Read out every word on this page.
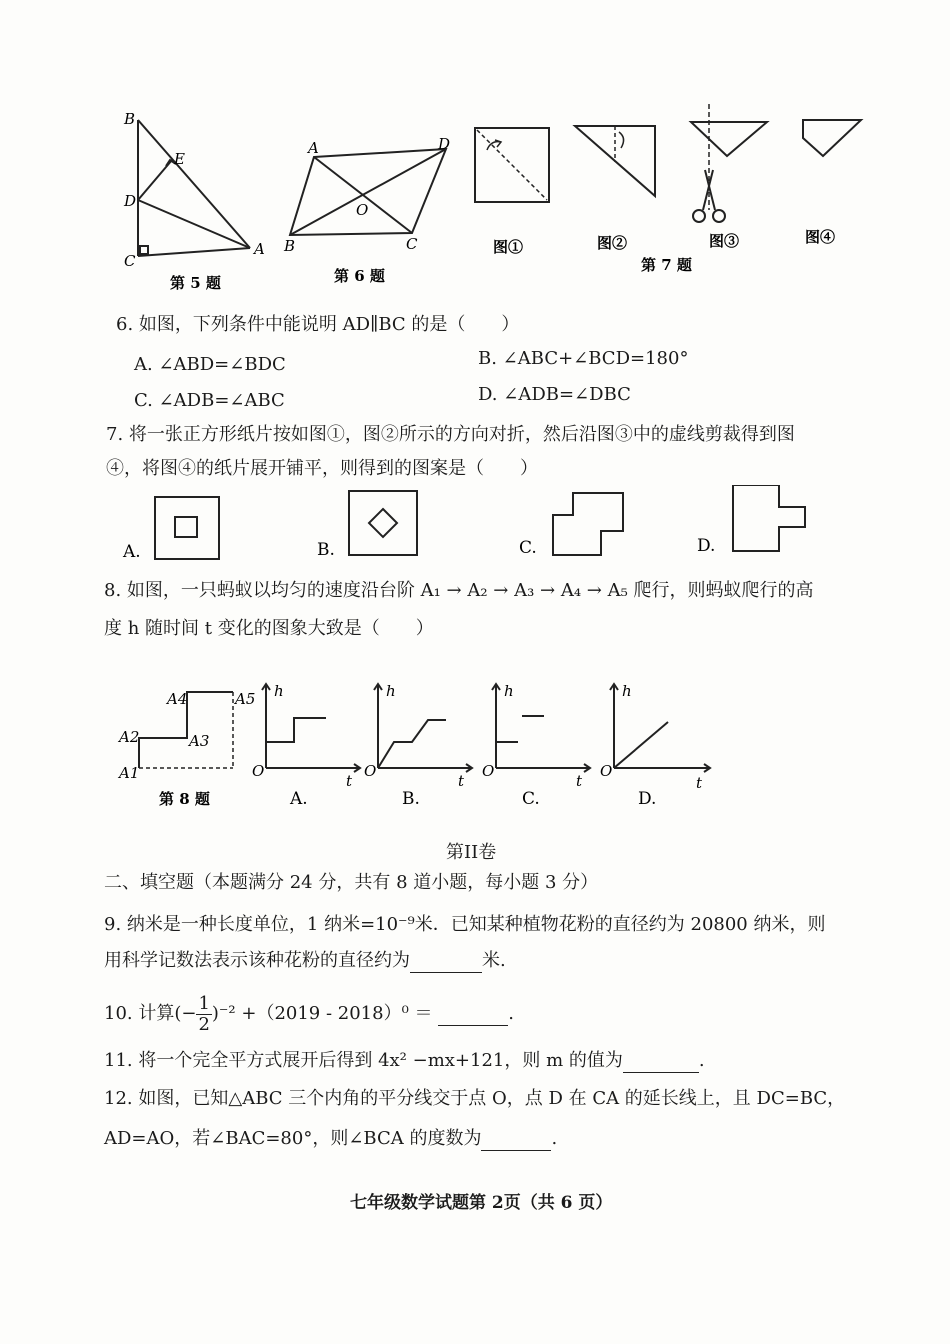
B
E
D
C
A
第 5 题
A	D
O
B	C
第 6 题
图①	图②	图③	图④
第 7 题
6. 如图，下列条件中能说明 AD∥BC 的是（　　）
A. ∠ABD=∠BDC	B. ∠ABC+∠BCD=180°
C. ∠ADB=∠ABC	D. ∠ADB=∠DBC
7. 将一张正方形纸片按如图①，图②所示的方向对折，然后沿图③中的虚线剪裁得到图
④，将图④的纸片展开铺平，则得到的图案是（　　）
A.	B.	C.	D.
8. 如图，一只蚂蚁以均匀的速度沿台阶 A₁ → A₂ → A₃ → A₄ → A₅ 爬行，则蚂蚁爬行的高
度 h 随时间 t 变化的图象大致是（　　）
A4	A5
A2	A3
A1
第 8 题
h
t
O
A.
h
t
O
B.
h
t
O
C.
h
t
O
D.
第II卷
二、填空题（本题满分 24 分，共有 8 道小题，每小题 3 分）
9. 纳米是一种长度单位，1 纳米=10⁻⁹米．已知某种植物花粉的直径约为 20800 纳米，则
用科学记数法表示该种花粉的直径约为	米.
10. 计算(− $\frac{1}{2} )^{-2} +(2019 - 2018)^0$ ＝	.
11. 将一个完全平方式展开后得到 4x² −mx+121，则 m 的值为	.
12. 如图，已知△ABC 三个内角的平分线交于点 O，点 D 在 CA 的延长线上，且 DC=BC，
AD=AO，若∠BAC=80°，则∠BCA 的度数为	.
七年级数学试题第 2页（共 6 页）
